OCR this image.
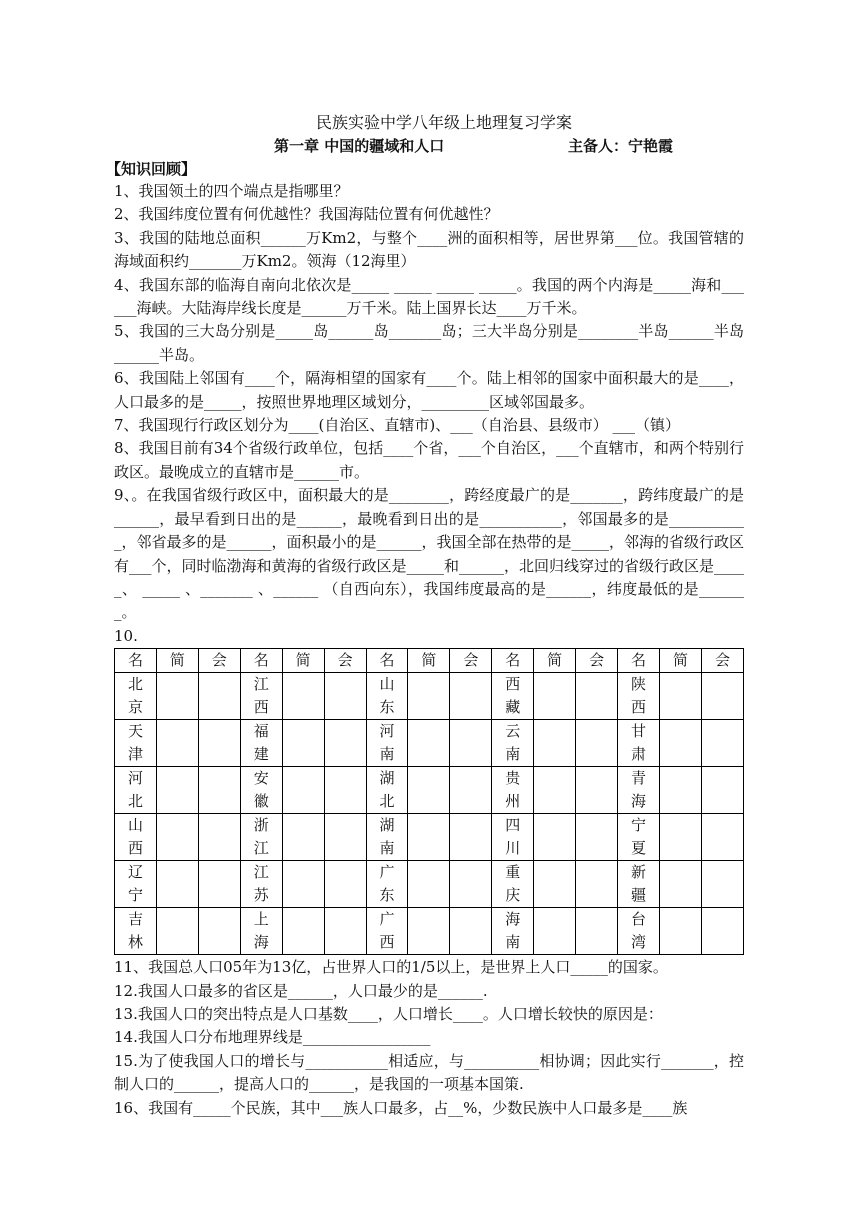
民族实验中学八年级上地理复习学案
第一章 中国的疆域和人口	主备人：宁艳霞
【知识回顾】

1、我国领土的四个端点是指哪里？

2、我国纬度位置有何优越性？我国海陆位置有何优越性？

3、我国的陆地总面积______万Km2，与整个____洲的面积相等，居世界第___位。我国管辖的海域面积约_______万Km2。领海（12海里）

4、我国东部的临海自南向北依次是_____ _____ _____ _____。我国的两个内海是_____海和______海峡。大陆海岸线长度是______万千米。陆上国界长达____万千米。

5、我国的三大岛分别是_____岛______岛_______岛；三大半岛分别是________半岛______半岛______半岛。

6、我国陆上邻国有____个，隔海相望的国家有____个。陆上相邻的国家中面积最大的是____，人口最多的是_____，按照世界地理区域划分，_________区域邻国最多。

7、我国现行行政区划分为____(自治区、直辖市)、___（自治县、县级市） ___（镇）

8、我国目前有34个省级行政单位，包括____个省，___个自治区，___个直辖市，和两个特别行政区。最晚成立的直辖市是______市。

9、。在我国省级行政区中，面积最大的是________，跨经度最广的是_______，跨纬度最广的是______，最早看到日出的是______，最晚看到日出的是___________，邻国最多的是___________，邻省最多的是______，面积最小的是______，我国全部在热带的是_____，邻海的省级行政区有___个，同时临渤海和黄海的省级行政区是_____和______，北回归线穿过的省级行政区是_____、 _____ 、_______ 、______ （自西向东），我国纬度最高的是______，纬度最低的是_______。

10.

名	简	会	名	简	会	名	简	会	名	简	会	名	简	会

北京			江西			山东			西藏			陕西		

天津			福建			河南			云南			甘肃		

河北			安徽			湖北			贵州			青海		

山西			浙江			湖南			四川			宁夏		

辽宁			江苏			广东			重庆			新疆		

吉林			上海			广西			海南			台湾		

11、我国总人口05年为13亿，占世界人口的1/5以上，是世界上人口_____的国家。

12.我国人口最多的省区是______，人口最少的是______.

13.我国人口的突出特点是人口基数____，人口增长____。人口增长较快的原因是：

14.我国人口分布地理界线是_________________

15.为了使我国人口的增长与___________相适应，与__________相协调；因此实行_______，控制人口的______，提高人口的______，是我国的一项基本国策.

16、我国有_____个民族，其中___族人口最多，占__%，少数民族中人口最多是____族
